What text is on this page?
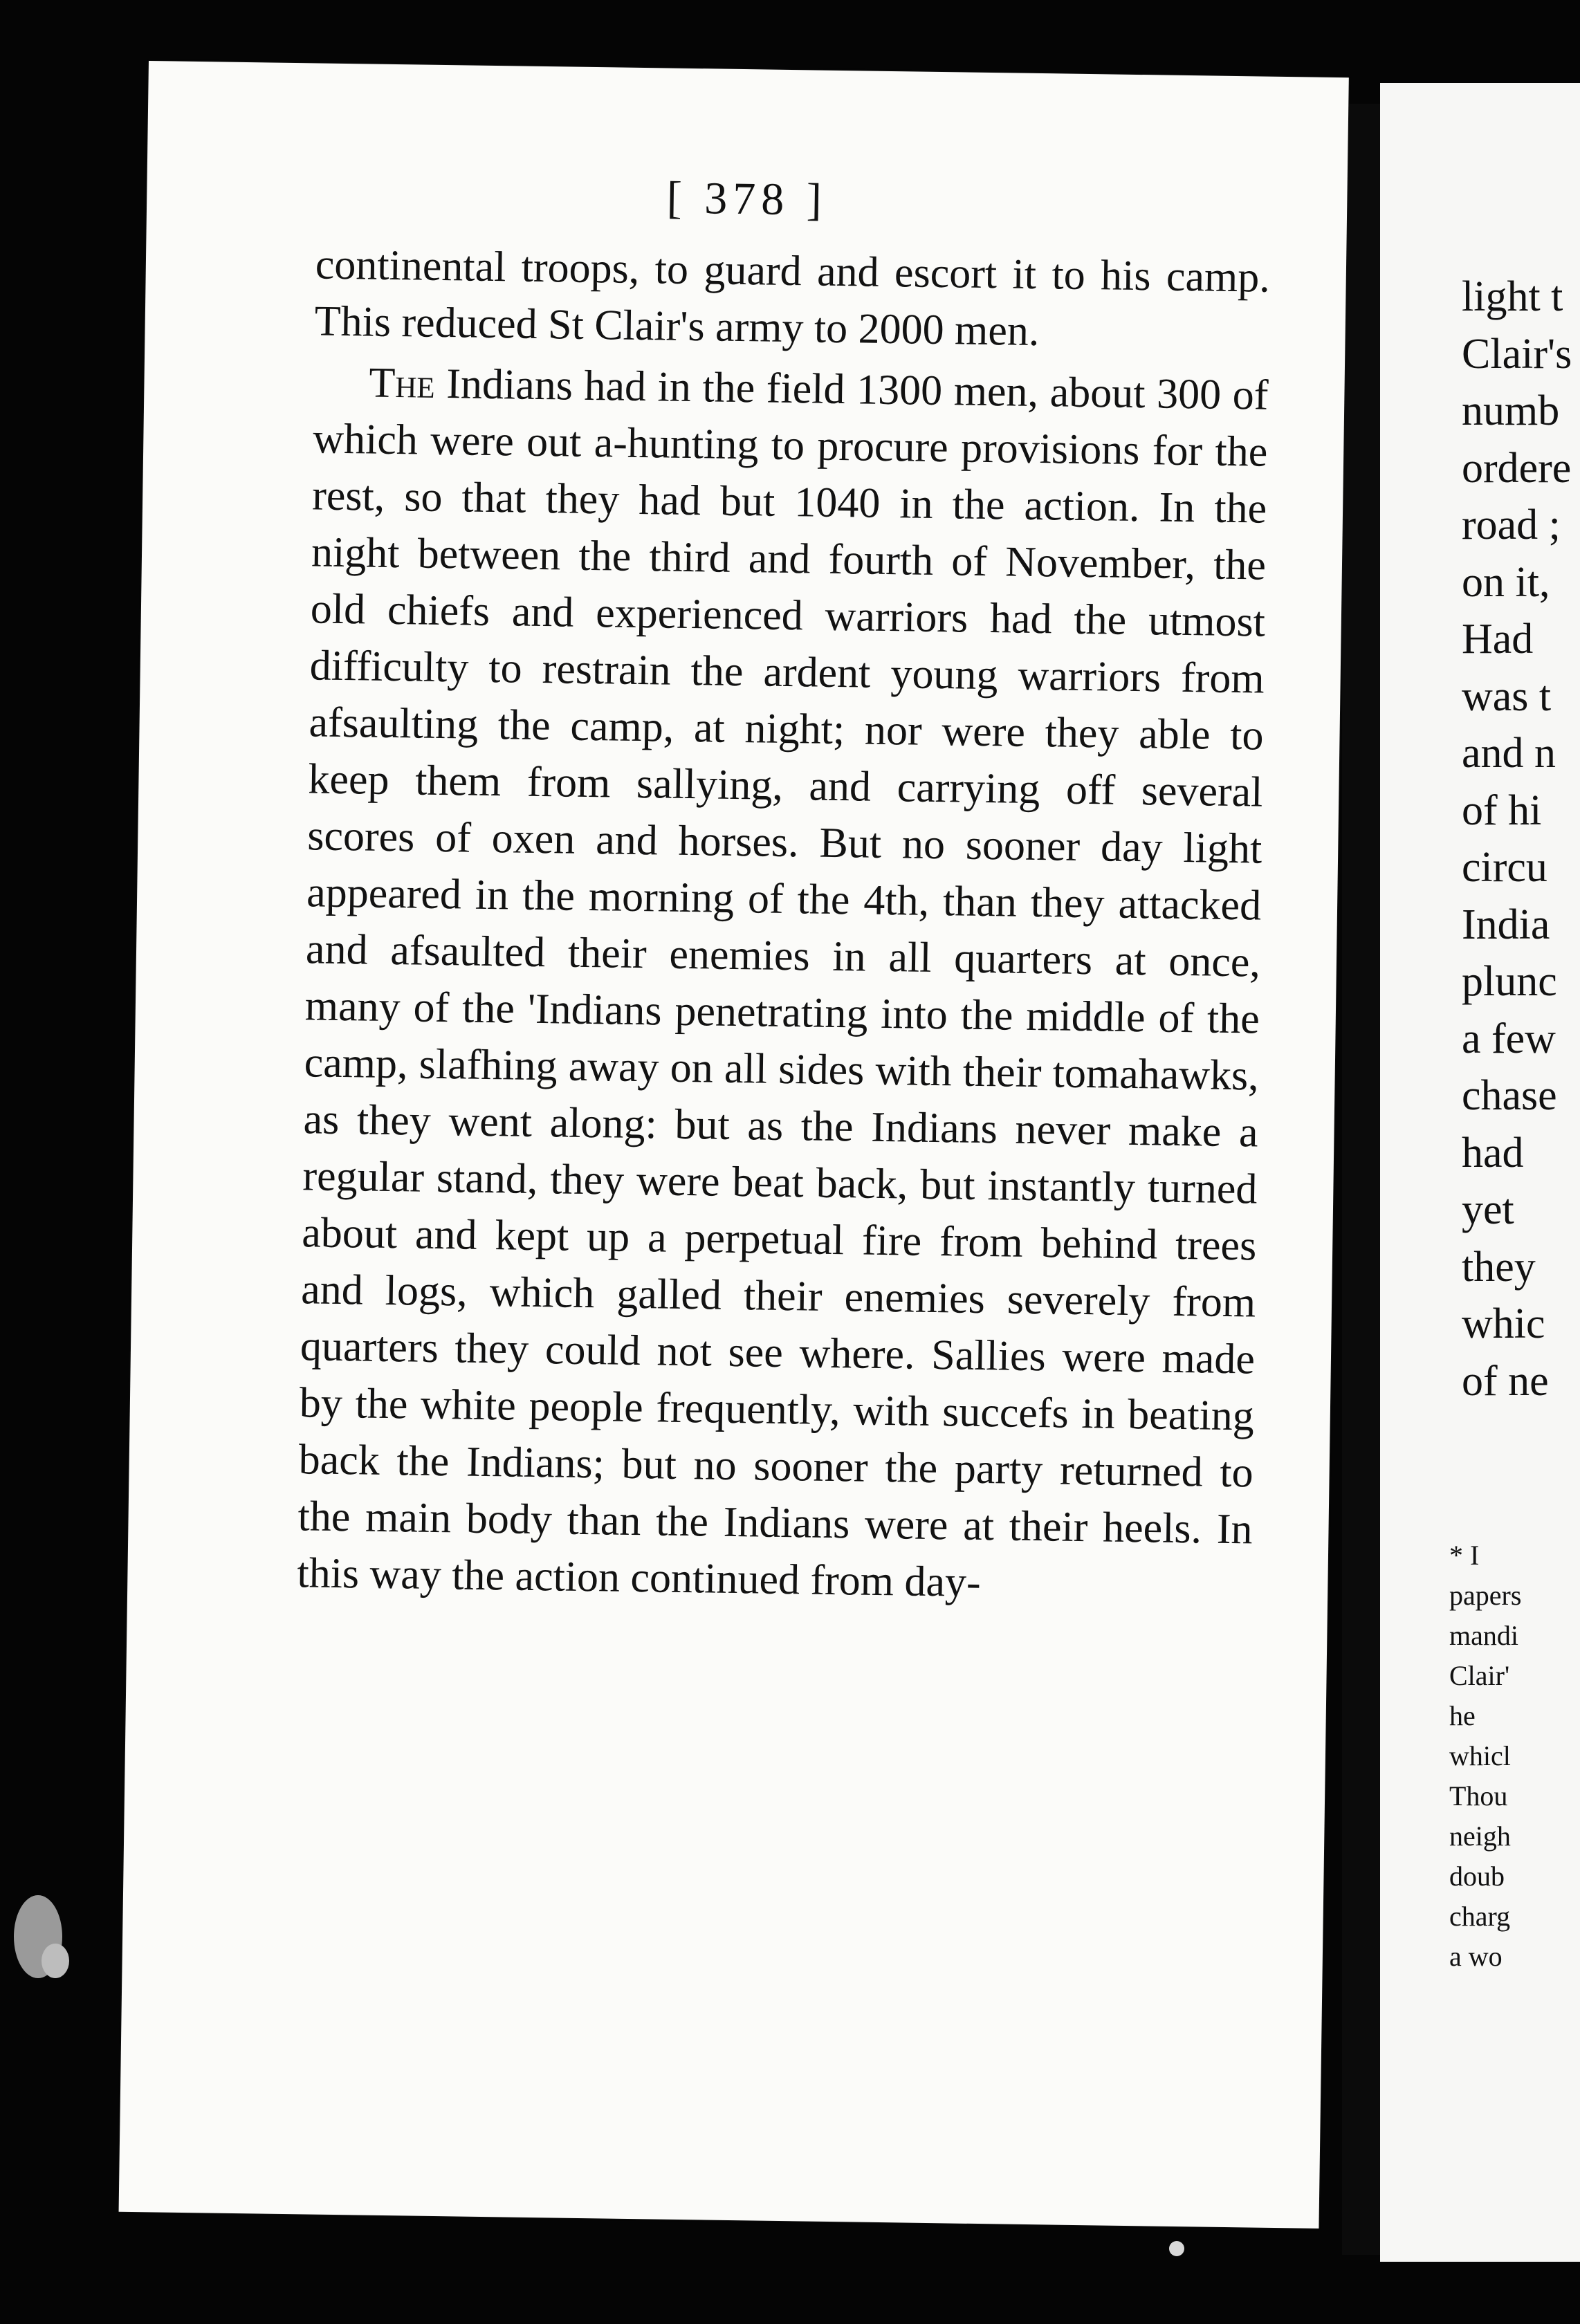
[ 378 ]

continental troops, to guard and escort it to his camp. This reduced St Clair's army to 2000 men.

The Indians had in the field 1300 men, about 300 of which were out a-hunting to procure provisions for the rest, so that they had but 1040 in the action. In the night between the third and fourth of November, the old chiefs and experienced warriors had the utmost difficulty to restrain the ardent young warriors from afsaulting the camp, at night; nor were they able to keep them from sallying, and carrying off several scores of oxen and horses. But no sooner day light appeared in the morning of the 4th, than they attacked and afsaulted their enemies in all quarters at once, many of the 'Indians penetrating into the middle of the camp, slafhing away on all sides with their tomahawks, as they went along: but as the Indians never make a regular stand, they were beat back, but instantly turned about and kept up a perpetual fire from behind trees and logs, which galled their enemies severely from quarters they could not see where. Sallies were made by the white people frequently, with succefs in beating back the Indians; but no sooner the party returned to the main body than the Indians were at their heels. In this way the action continued from day-

light t
Clair's
numb
ordere
road ;
on it,
Had
was t
and n
of hi
circu
India
plunc
a few
chase
had
yet
they
whic
of ne
* I
papers
mandi
Clair'
he
whicl
Thou
neigh
doub
charg
a wo
